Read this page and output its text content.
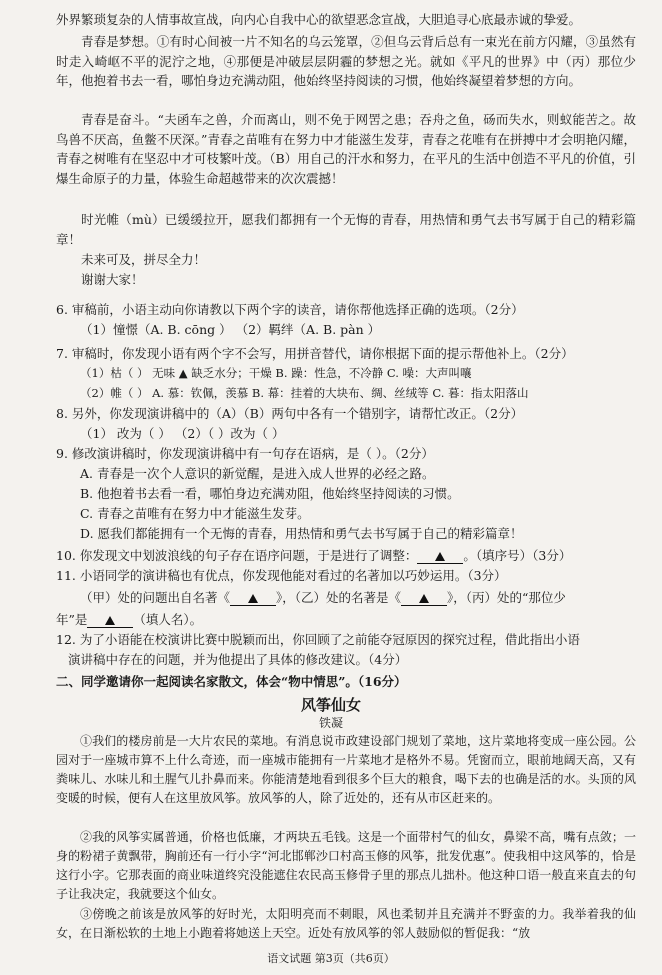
外界繁琐复杂的人情事故宣战，向内心自我中心的欲望恶念宣战，大胆追寻心底最赤诚的挚爱。

青春是梦想。①有时心间被一片不知名的乌云笼罩，②但乌云背后总有一束光在前方闪耀，③虽然有时走入崎岖不平的泥泞之地，④那便是冲破层层阴霾的梦想之光。就如《平凡的世界》中（丙）那位少年，他抱着书去一看，哪怕身边充满动阻，他始终坚持阅读的习惯，他始终凝望着梦想的方向。

青春是奋斗。“夫函车之兽，介而离山，则不免于网罟之患；吞舟之鱼，砀而失水，则蚁能苦之。故鸟兽不厌高，鱼鳖不厌深。”青春之苗唯有在努力中才能滋生发芽，青春之花唯有在拼搏中才会明艳闪耀，青春之树唯有在坚忍中才可枝繁叶茂。（B）用自己的汗水和努力，在平凡的生活中创造不平凡的价值，引爆生命原子的力量，体验生命超越带来的次次震撼！

时光帷（mù）已缓缓拉开，愿我们都拥有一个无悔的青春，用热情和勇气去书写属于自己的精彩篇章！

未来可及，拼尽全力！

谢谢大家！

6. 审稿前，小语主动向你请教以下两个字的读音，请你帮他选择正确的选项。（2分）

（1）憧憬（A. B. cōng ） （2）羁绊（A. B. pàn ）

7. 审稿时，你发现小语有两个字不会写，用拼音替代，请你根据下面的提示帮他补上。（2分）

（1）枯（ ） 无味 ▲ 缺乏水分；干燥 B. 躁：性急，不冷静 C. 噪：大声叫嚷

（2）帷（ ） A. 慕：钦佩，羡慕 B. 幕：挂着的大块布、绸、丝绒等 C. 暮：指太阳落山

8. 另外，你发现演讲稿中的（A）（B）两句中各有一个错别字，请帮忙改正。（2分）

（1） 改为（ ） （2）（ ）改为（ ）

9. 修改演讲稿时，你发现演讲稿中有一句存在语病，是（ ）。（2分）

A. 青春是一次个人意识的新觉醒，是进入成人世界的必经之路。

B. 他抱着书去看一看，哪怕身边充满劝阻，他始终坚持阅读的习惯。

C. 青春之苗唯有在努力中才能滋生发芽。

D. 愿我们都能拥有一个无悔的青春，用热情和勇气去书写属于自己的精彩篇章！

10. 你发现文中划波浪线的句子存在语序问题，于是进行了调整：	。（填序号）（3分）

11. 小语同学的演讲稿也有优点，你发现他能对看过的名著加以巧妙运用。（3分）

（甲）处的问题出自名著《	》，（乙）处的名著是《	》，（丙）处的“那位少

年”是	（填人名）。

12. 为了小语能在校演讲比赛中脱颖而出，你回顾了之前能夺冠原因的探究过程，借此指出小语

演讲稿中存在的问题，并为他提出了具体的修改建议。（4分）

二、同学邀请你一起阅读名家散文，体会“物中情思”。（16分）

风筝仙女

铁凝

①我们的楼房前是一大片农民的菜地。有消息说市政建设部门规划了菜地，这片菜地将变成一座公园。公园对于一座城市算不上什么奇迹，而一座城市能拥有一片菜地才是格外不易。凭窗而立，眼前地阔天高，又有粪味儿、水味儿和土腥气儿扑鼻而来。你能清楚地看到很多个巨大的粮食，喝下去的也确是活的水。头顶的风变暖的时候，便有人在这里放风筝。放风筝的人，除了近处的，还有从市区赶来的。

②我的风筝实属普通，价格也低廉，才两块五毛钱。这是一个面带村气的仙女，鼻梁不高，嘴有点敛；一身的粉裙子黄飘带，胸前还有一行小字“河北邯郸沙口村高玉修的风筝，批发优惠”。使我相中这风筝的，恰是这行小字。它那表面的商业味道终究没能遮住农民高玉修骨子里的那点儿拙朴。他这种口语一般直来直去的句子让我决定，我就要这个仙女。

③傍晚之前该是放风筝的好时光，太阳明亮而不刺眼，风也柔韧并且充满并不野蛮的力。我举着我的仙女，在日渐松软的土地上小跑着将她送上天空。近处有放风筝的邻人鼓励似的暂促我：“放

语文试题 第3页（共6页）
